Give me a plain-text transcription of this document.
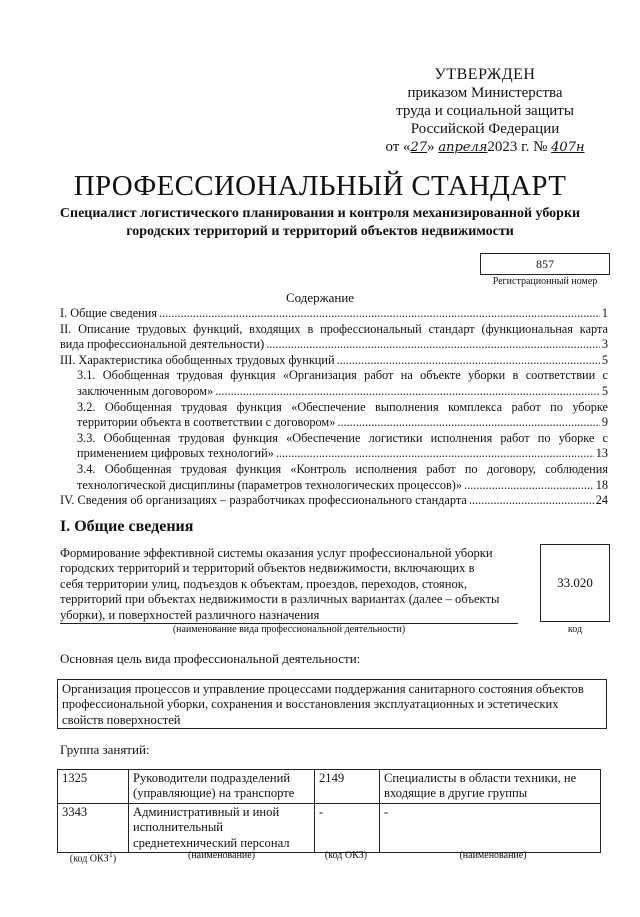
УТВЕРЖДЕН
приказом Министерства
труда и социальной защиты
Российской Федерации
от «27» апреля2023 г. № 407н
ПРОФЕССИОНАЛЬНЫЙ СТАНДАРТ
Специалист логистического планирования и контроля механизированной уборки городских территорий и территорий объектов недвижимости
857
Регистрационный номер
Содержание
I. Общие сведения .....	1
II. Описание трудовых функций, входящих в профессиональный стандарт (функциональная карта
вида профессиональной деятельности) .....	3
III. Характеристика обобщенных трудовых функций .....	5
3.1. Обобщенная трудовая функция «Организация работ на объекте уборки в соответствии с
заключенным договором» .....	5
3.2. Обобщенная трудовая функция «Обеспечение выполнения комплекса работ по уборке
территории объекта в соответствии с договором» .....	9
3.3. Обобщенная трудовая функция «Обеспечение логистики исполнения работ по уборке с
применением цифровых технологий» .....	13
3.4. Обобщенная трудовая функция «Контроль исполнения работ по договору, соблюдения
технологической дисциплины (параметров технологических процессов)» .....	18
IV. Сведения об организациях – разработчиках профессионального стандарта .....	24
I. Общие сведения
Формирование эффективной системы оказания услуг профессиональной уборки
городских территорий и территорий объектов недвижимости, включающих в
себя территории улиц, подъездов к объектам, проездов, переходов, стоянок,
территорий при объектах недвижимости в различных вариантах (далее – объекты
уборки), и поверхностей различного назначения
33.020
(наименование вида профессиональной деятельности)	код
Основная цель вида профессиональной деятельности:
Организация процессов и управление процессами поддержания санитарного состояния объектов профессиональной уборки, сохранения и восстановления эксплуатационных и эстетических свойств поверхностей
Группа занятий:
1325	Руководители подразделений (управляющие) на транспорте	2149	Специалисты в области техники, не входящие в другие группы
3343	Административный и иной исполнительный среднетехнический персонал	-	-
(код ОКЗ$^1$)	(наименование)	(код ОКЗ)	(наименование)
